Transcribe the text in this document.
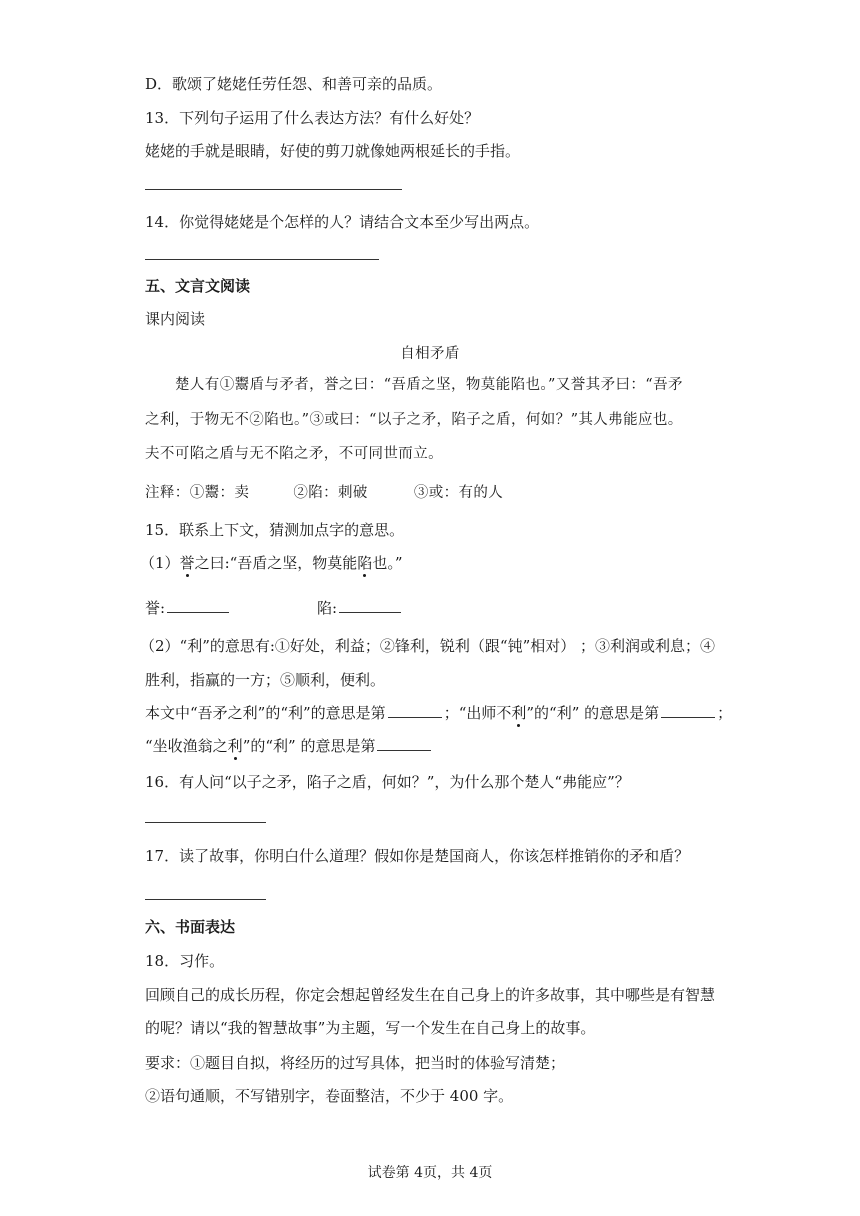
D．歌颂了姥姥任劳任怨、和善可亲的品质。
13．下列句子运用了什么表达方法？有什么好处？
姥姥的手就是眼睛，好使的剪刀就像她两根延长的手指。
14．你觉得姥姥是个怎样的人？请结合文本至少写出两点。
五、文言文阅读
课内阅读
自相矛盾
楚人有①鬻盾与矛者，誉之曰：“吾盾之坚，物莫能陷也。”又誉其矛曰：“吾矛
之利，于物无不②陷也。”③或曰：“以子之矛，陷子之盾，何如？”其人弗能应也。
夫不可陷之盾与无不陷之矛，不可同世而立。
注释：①鬻：卖	②陷：刺破	③或：有的人
15．联系上下文，猜测加点字的意思。
（1）誉之曰:“吾盾之坚，物莫能陷也。”
誉:	陷:
（2）“利”的意思有:①好处，利益；②锋利，锐利（跟“钝”相对） ；③利润或利息；④
胜利，指赢的一方；⑤顺利，便利。
本文中“吾矛之利”的“利”的意思是第	；“出师不利”的“利” 的意思是第	；
“坐收渔翁之利”的“利” 的意思是第
16．有人问“以子之矛，陷子之盾，何如？”，为什么那个楚人“弗能应”？
17．读了故事，你明白什么道理？假如你是楚国商人，你该怎样推销你的矛和盾？
六、书面表达
18．习作。
回顾自己的成长历程，你定会想起曾经发生在自己身上的许多故事，其中哪些是有智慧
的呢？请以“我的智慧故事”为主题，写一个发生在自己身上的故事。
要求：①题目自拟，将经历的过写具体，把当时的体验写清楚；
②语句通顺，不写错别字，卷面整洁，不少于 400 字。
试卷第 4页，共 4页
